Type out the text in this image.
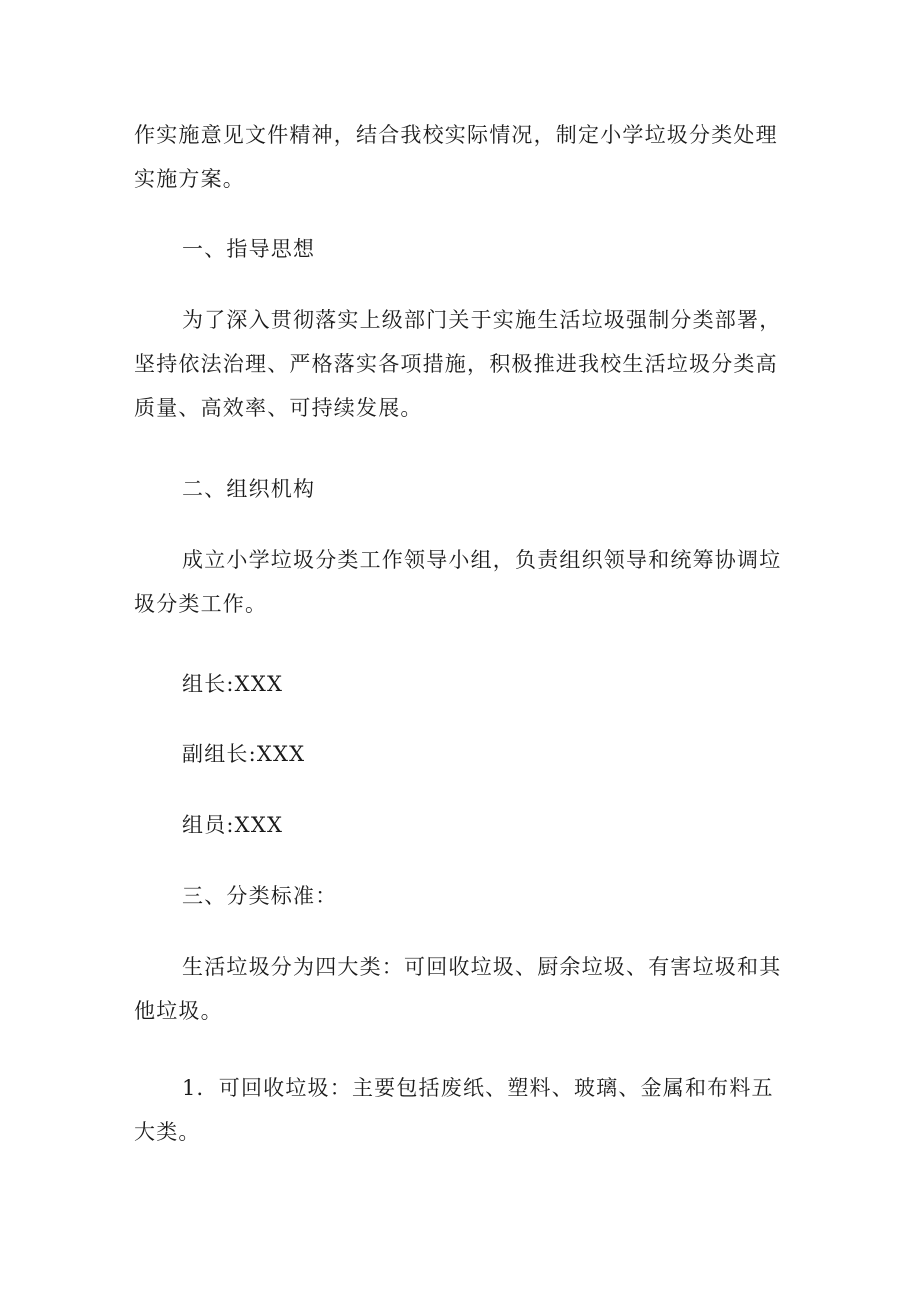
作实施意见文件精神，结合我校实际情况，制定小学垃圾分类处理实施方案。

一、指导思想

为了深入贯彻落实上级部门关于实施生活垃圾强制分类部署，坚持依法治理、严格落实各项措施，积极推进我校生活垃圾分类高质量、高效率、可持续发展。

二、组织机构

成立小学垃圾分类工作领导小组，负责组织领导和统筹协调垃圾分类工作。

组长:XXX

副组长:XXX

组员:XXX

三、分类标准：

生活垃圾分为四大类：可回收垃圾、厨余垃圾、有害垃圾和其他垃圾。

1．可回收垃圾：主要包括废纸、塑料、玻璃、金属和布料五大类。
